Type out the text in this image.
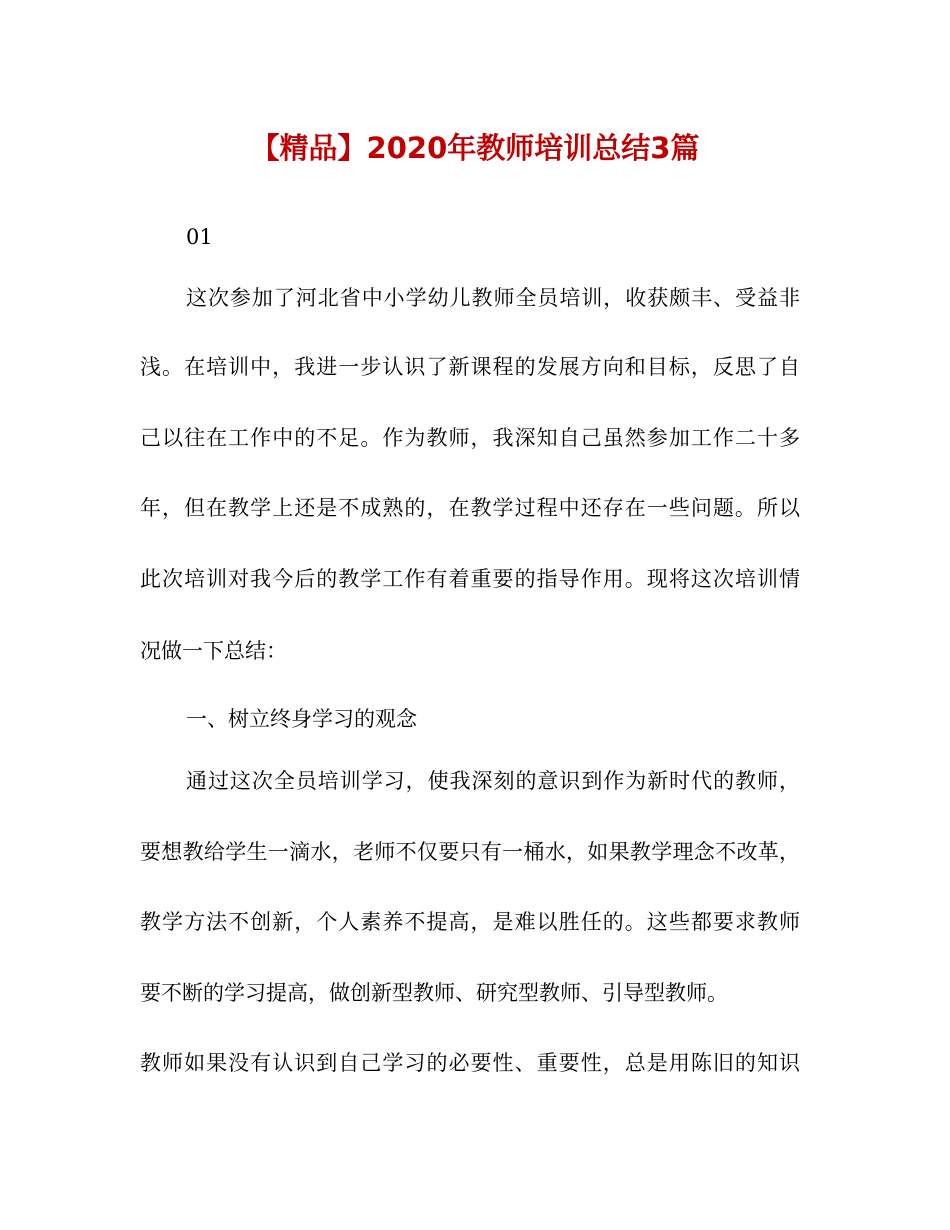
【精品】2020年教师培训总结3篇
01
这次参加了河北省中小学幼儿教师全员培训，收获颇丰、受益非
浅。在培训中，我进一步认识了新课程的发展方向和目标，反思了自
己以往在工作中的不足。作为教师，我深知自己虽然参加工作二十多
年，但在教学上还是不成熟的，在教学过程中还存在一些问题。所以
此次培训对我今后的教学工作有着重要的指导作用。现将这次培训情
况做一下总结：
一、树立终身学习的观念
通过这次全员培训学习，使我深刻的意识到作为新时代的教师，
要想教给学生一滴水，老师不仅要只有一桶水，如果教学理念不改革，
教学方法不创新，个人素养不提高，是难以胜任的。这些都要求教师
要不断的学习提高，做创新型教师、研究型教师、引导型教师。
教师如果没有认识到自己学习的必要性、重要性，总是用陈旧的知识
